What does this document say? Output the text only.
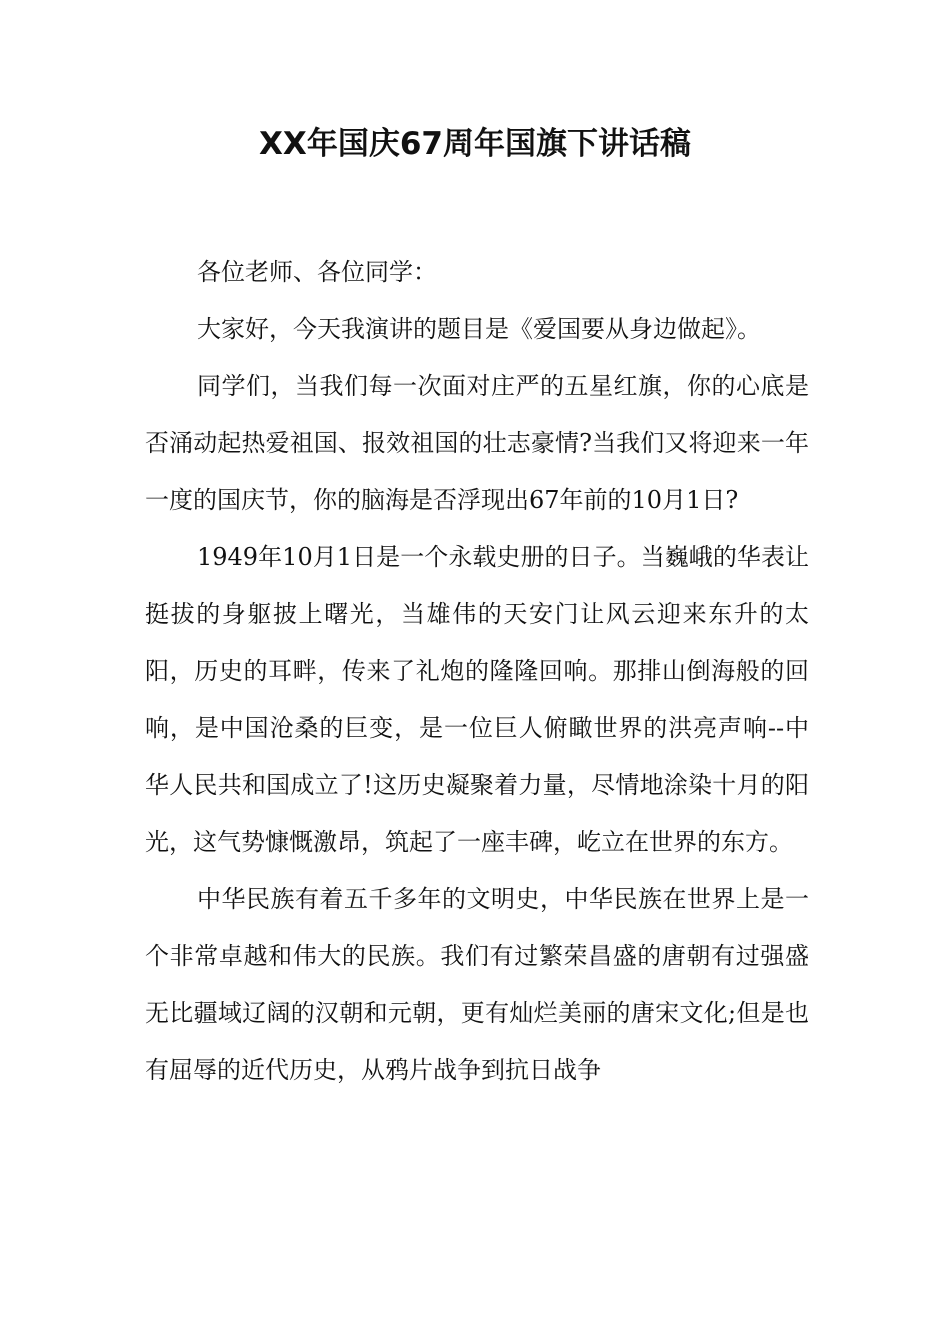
XX年国庆67周年国旗下讲话稿

各位老师、各位同学：

大家好，今天我演讲的题目是《爱国要从身边做起》。

同学们，当我们每一次面对庄严的五星红旗，你的心底是否涌动起热爱祖国、报效祖国的壮志豪情?当我们又将迎来一年一度的国庆节，你的脑海是否浮现出67年前的10月1日?

1949年10月1日是一个永载史册的日子。当巍峨的华表让挺拔的身躯披上曙光，当雄伟的天安门让风云迎来东升的太阳，历史的耳畔，传来了礼炮的隆隆回响。那排山倒海般的回响，是中国沧桑的巨变，是一位巨人俯瞰世界的洪亮声响--中华人民共和国成立了!这历史凝聚着力量，尽情地涂染十月的阳光，这气势慷慨激昂，筑起了一座丰碑，屹立在世界的东方。

中华民族有着五千多年的文明史，中华民族在世界上是一个非常卓越和伟大的民族。我们有过繁荣昌盛的唐朝有过强盛无比疆域辽阔的汉朝和元朝，更有灿烂美丽的唐宋文化;但是也有屈辱的近代历史，从鸦片战争到抗日战争
